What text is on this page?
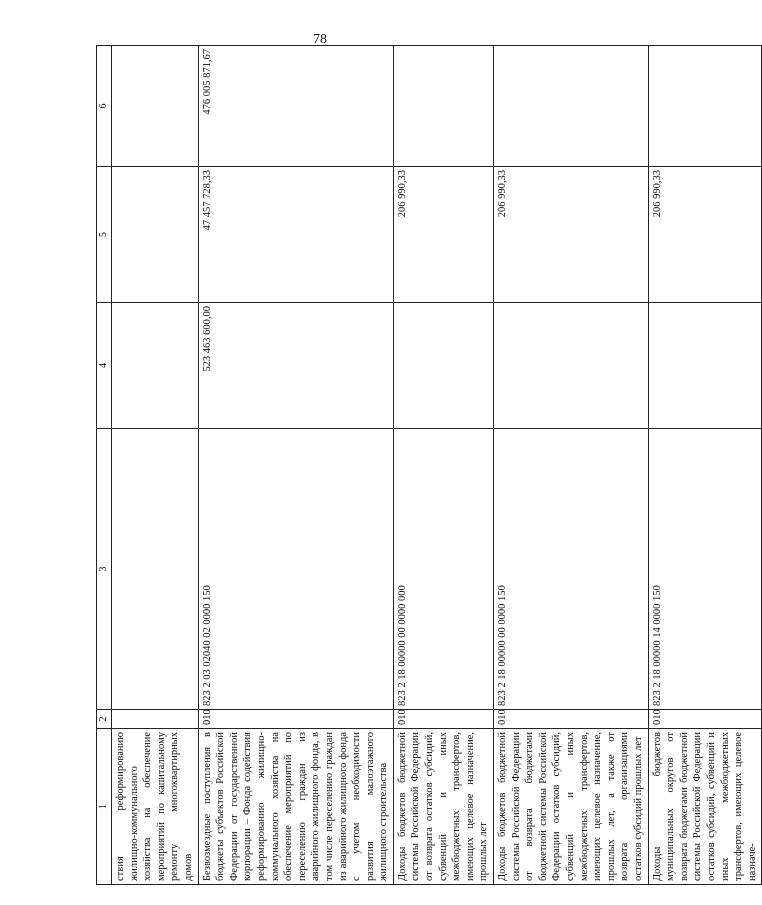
78
1	2	3	4	5	6
ствия реформированию жилищно-коммунального хозяйства на обеспечение мероприятий по капитальному ремонту многоквартирных домов					
Безвозмездные поступления в бюджеты субъектов Российской Федерации от государственной корпорации – Фонда содействия реформированию жилищно-коммунального хозяйства на обеспечение мероприятий по переселению граждан из аварийного жилищного фонда, в том числе переселению граждан из аварийного жилищного фонда с учетом необходимости развития малоэтажного жилищного строительства	010	823 2 03 02040 02 0000 150	523 463 600,00	47 457 728,33	476 005 871,67
Доходы бюджетов бюджетной системы Российской Федерации от возврата остатков субсидий, субвенций и иных межбюджетных трансфертов, имеющих целевое назначение, прошлых лет	010	823 2 18 00000 00 0000 000		206 990,33	
Доходы бюджетов бюджетной системы Российской Федерации от возврата бюджетами бюджетной системы Российской Федерации остатков субсидий, субвенций и иных межбюджетных трансфертов, имеющих целевое назначение, прошлых лет, а также от возврата организациями остатков субсидий прошлых лет	010	823 2 18 00000 00 0000 150		206 990,33	
Доходы бюджетов муниципальных округов от возврата бюджетами бюджетной системы Российской Федерации остатков субсидий, субвенций и иных межбюджетных трансфертов, имеющих целевое назначе-	010	823 2 18 00000 14 0000 150		206 990,33	
